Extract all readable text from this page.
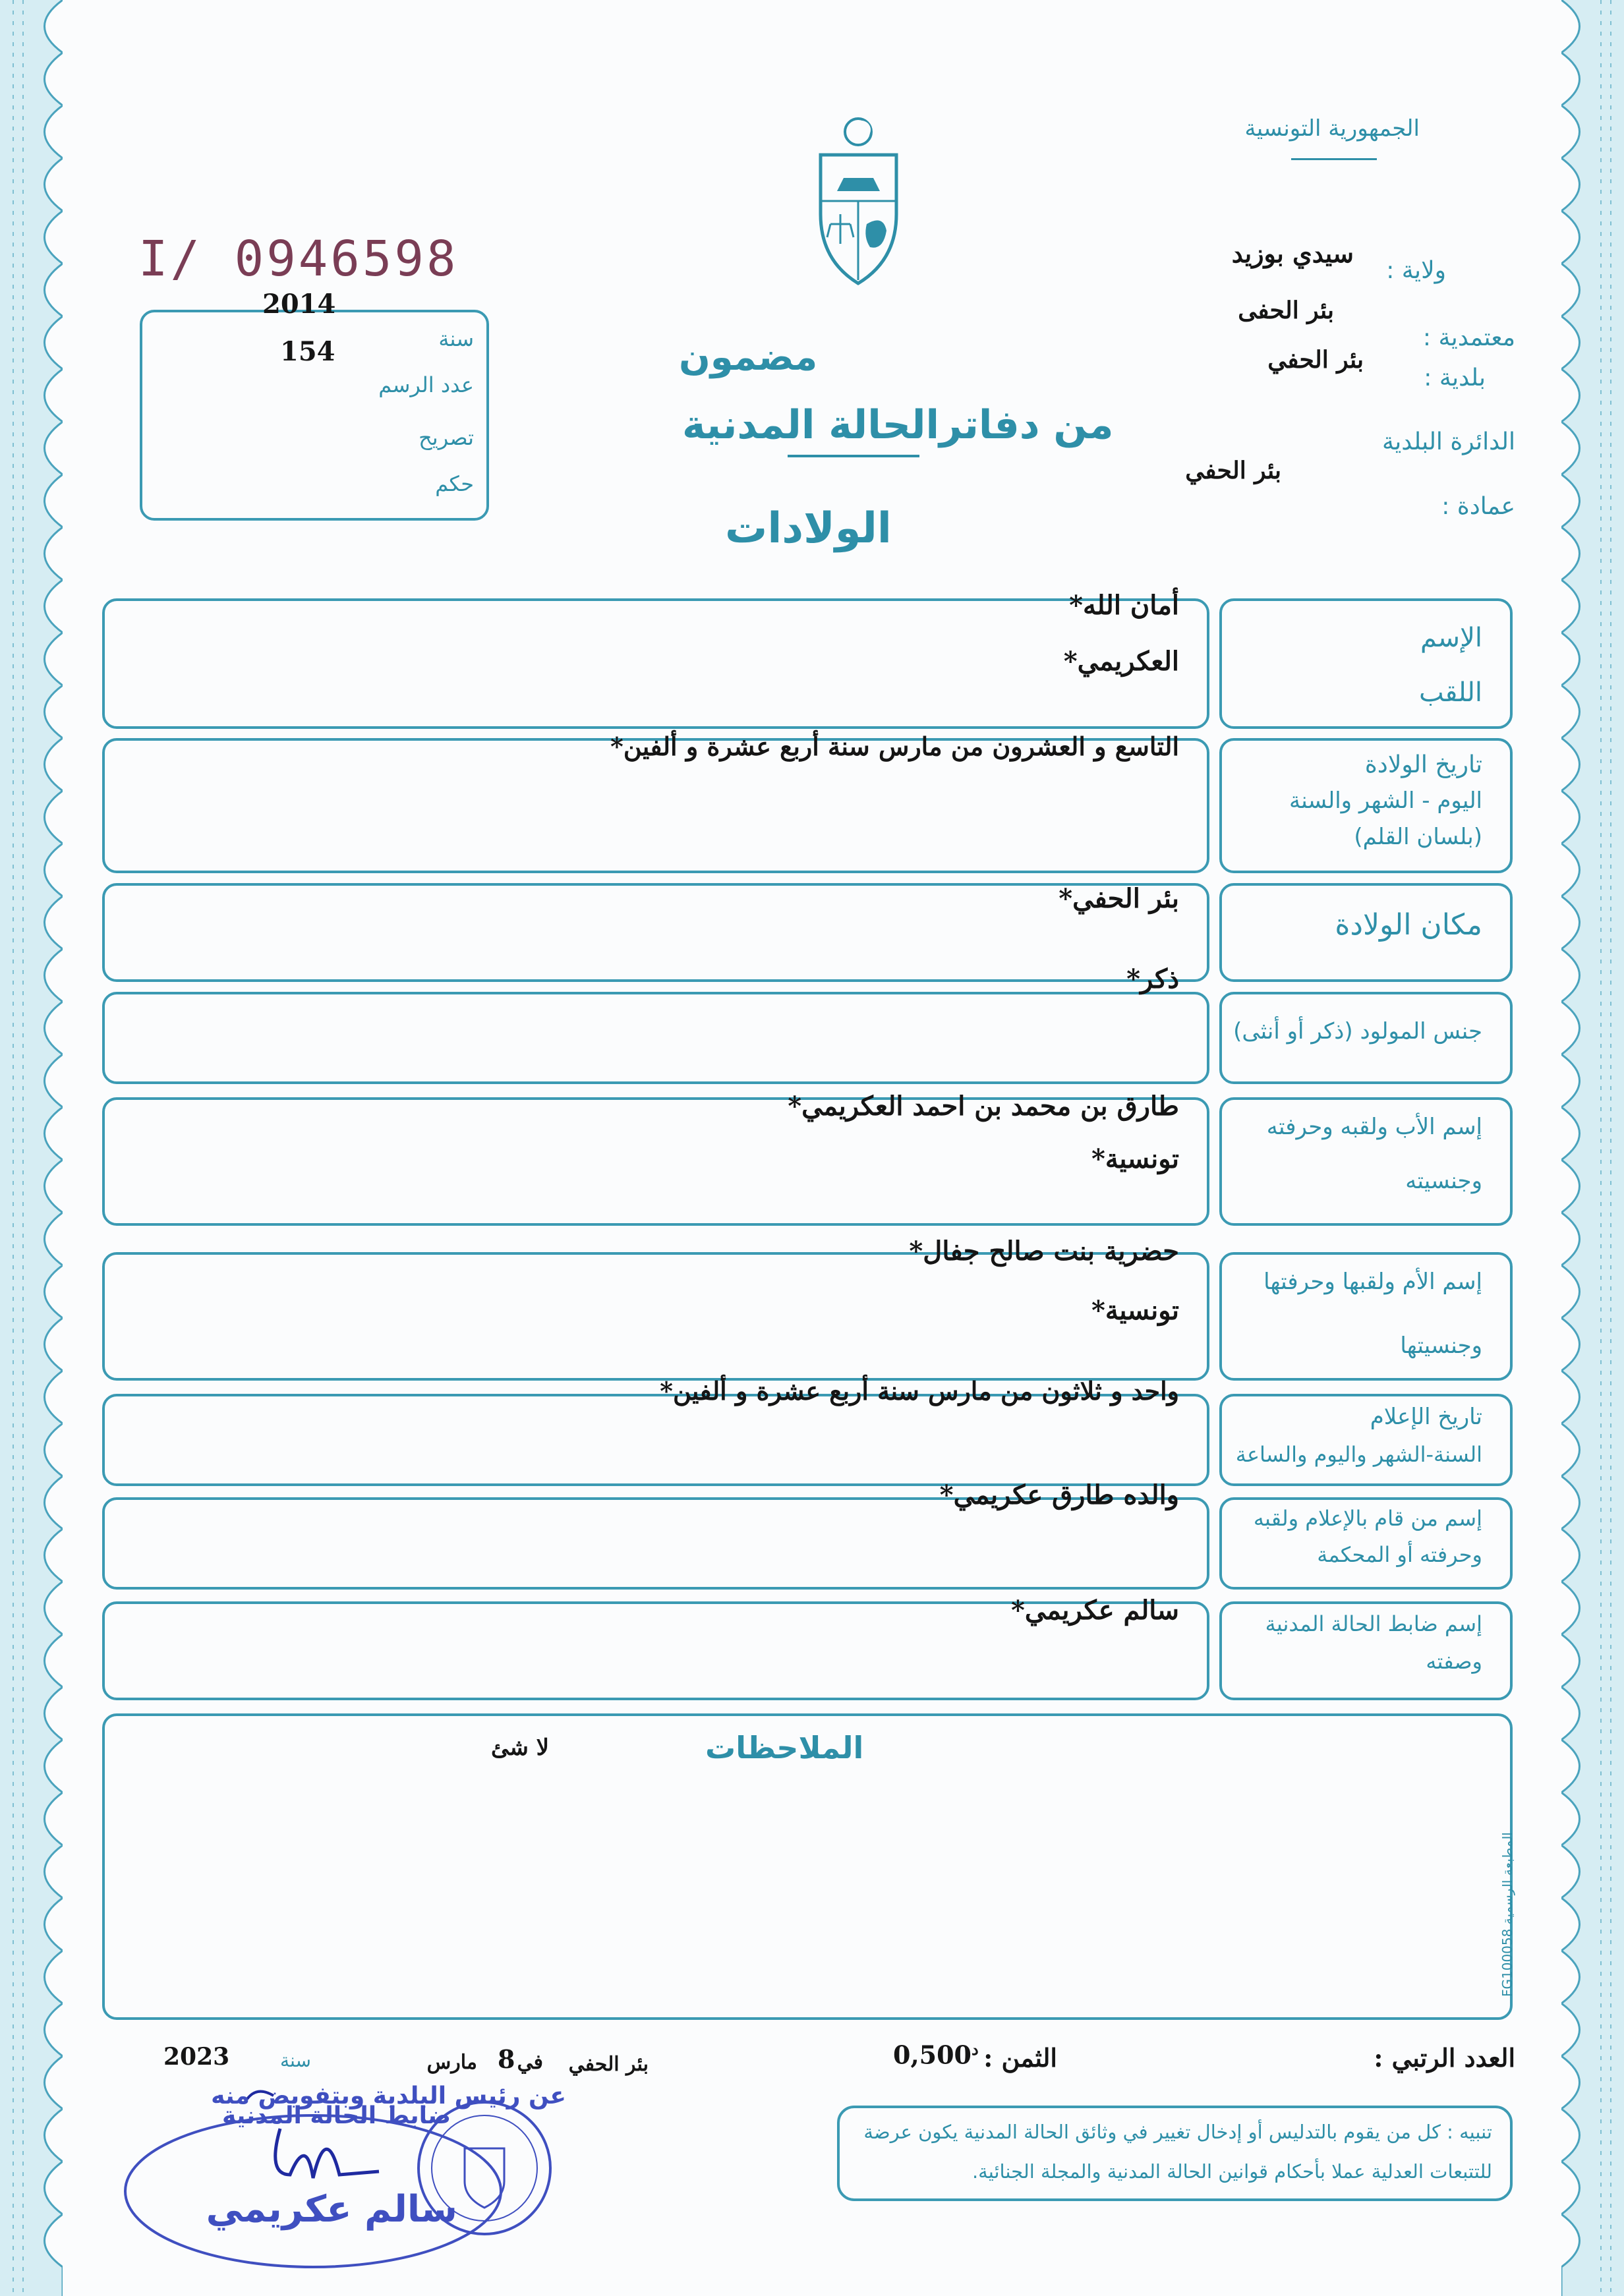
الجمهورية التونسية
I/ 0946598
2014
سنة
154
عدد الرسم
تصريح
حكم
مضمون
من دفاترالحالة المدنية
الولادات
ولاية :
سيدي بوزيد
بئر الحفى
معتمدية :
بئر الحفي
بلدية :
الدائرة البلدية
بئر الحفي
عمادة :
الإسم
اللقب
أمان الله*
العكريمي*
تاريخ الولادة
اليوم - الشهر والسنة
(بلسان القلم)
التاسع و العشرون من مارس سنة أربع عشرة و ألفين*
مكان الولادة
بئر الحفي*
جنس المولود (ذكر أو أنثى)
ذكر*
إسم الأب ولقبه وحرفته
وجنسيته
طارق بن محمد بن احمد العكريمي*
تونسية*
إسم الأم ولقبها وحرفتها
وجنسيتها
حضرية بنت صالح جفال*
تونسية*
تاريخ الإعلام
السنة-الشهر واليوم والساعة
واحد و ثلاثون من مارس سنة أربع عشرة و ألفين*
إسم من قام بالإعلام ولقبه
وحرفته أو المحكمة
والده طارق عكريمي*
إسم ضابط الحالة المدنية
وصفته
سالم عكريمي*
الملاحظات
لا شئ
المطبعة الرسمية FG100058
العدد الرتبي :
الثمن :
$0,500^د$
بئر الحفي
في
8
مارس
سنة
2023
تنبيه : كل من يقوم بالتدليس أو إدخال تغيير في وثائق الحالة المدنية يكون عرضة
للتتبعات العدلية عملا بأحكام قوانين الحالة المدنية والمجلة الجنائية.
عن رئيس البلدية وبتفويض منه
ضابط الحالة المدنية
سالم عكريمي
